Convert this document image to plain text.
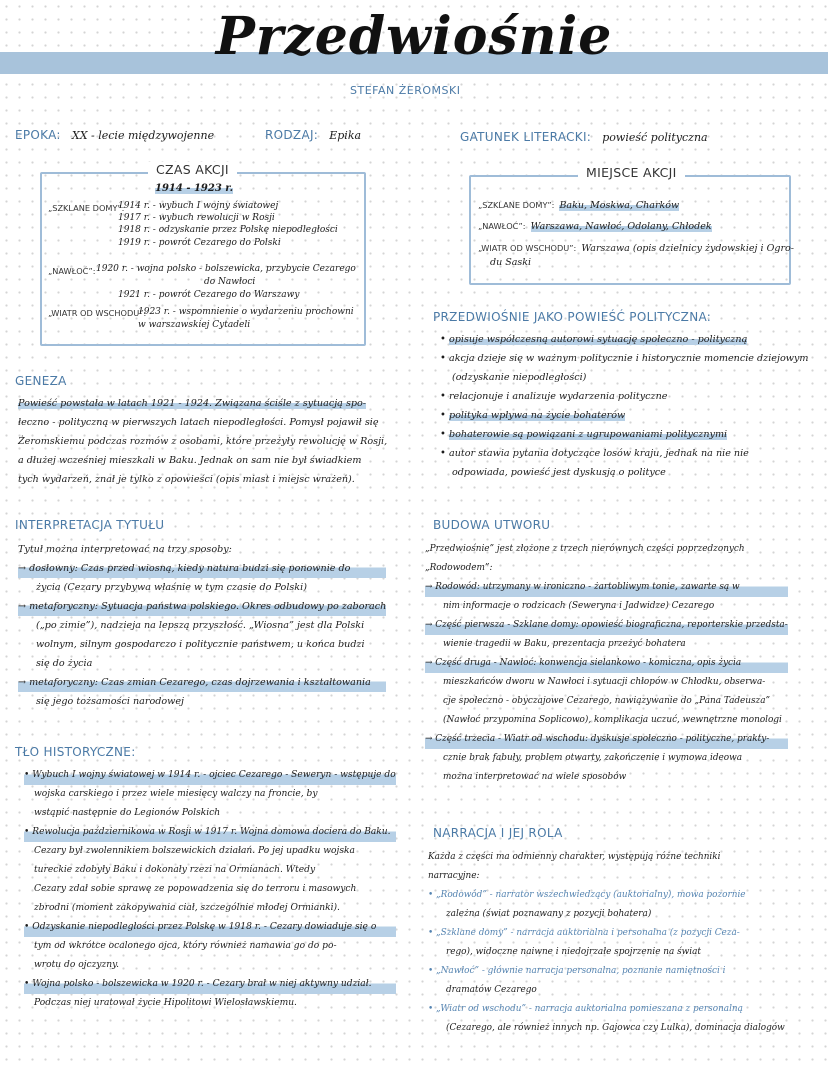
Przedwiośnie
STEFAN ŻEROMSKI
EPOKA: XX - lecie międzywojenne	RODZAJ: Epika	GATUNEK LITERACKI: powieść polityczna
CZAS AKCJI
1914 - 1923 r.
„SZKLANE DOMY”:
1914 r. - wybuch I wojny światowej
1917 r. - wybuch rewolucji w Rosji
1918 r. - odzyskanie przez Polskę niepodległości
1919 r. - powrót Cezarego do Polski
„NAWŁOĆ”: 1920 r. - wojna polsko - bolszewicka, przybycie Cezarego
do Nawłoci
1921 r. - powrót Cezarego do Warszawy
„WIATR OD WSCHODU”:
1923 r. - wspomnienie o wydarzeniu prochowni w warszawskiej Cytadeli
MIEJSCE AKCJI
„SZKLANE DOMY”: Baku, Moskwa, Charków
„NAWŁOĆ”: Warszawa, Nawłoć, Odolany, Chłodek
„WIATR OD WSCHODU”: Warszawa (opis dzielnicy żydowskiej i Ogro-
du Saski
PRZEDWIOŚNIE JAKO POWIEŚĆ POLITYCZNA:

• opisuje współczesną autorowi sytuację społeczno - polityczną

• akcja dzieje się w ważnym politycznie i historycznie momencie dziejowym

(odzyskanie niepodległości)

• relacjonuje i analizuje wydarzenia polityczne

• polityka wpływa na życie bohaterów

• bohaterowie są powiązani z ugrupowaniami politycznymi

• autor stawia pytania dotyczące losów kraju, jednak na nie nie

odpowiada, powieść jest dyskusją o polityce

GENEZA

Powieść powstała w latach 1921 - 1924. Związana ściśle z sytuacją spo-

łeczno - polityczną w pierwszych latach niepodległości. Pomysł pojawił się

Żeromskiemu podczas rozmów z osobami, które przeżyły rewolucję w Rosji,

a dłużej wcześniej mieszkali w Baku. Jednak on sam nie był świadkiem

tych wydarzeń, znał je tylko z opowieści (opis miast i miejsc wrażeń).

INTERPRETACJA TYTUŁU

Tytuł można interpretować na trzy sposoby:

→ dosłowny: Czas przed wiosną, kiedy natura budzi się ponownie do

życia (Cezary przybywa właśnie w tym czasie do Polski)

→ metaforyczny: Sytuacja państwa polskiego. Okres odbudowy po zaborach

(„po zimie”), nadzieja na lepszą przyszłość. „Wiosna” jest dla Polski

wolnym, silnym gospodarczo i politycznie państwem, u końca budzi

się do życia

→ metaforyczny: Czas zmian Cezarego, czas dojrzewania i kształtowania

się jego tożsamości narodowej

BUDOWA UTWORU

„Przedwiośnie” jest złożone z trzech nierównych części poprzedzonych

„Rodowodem”:

→ Rodowód: utrzymany w ironiczno - żartobliwym tonie, zawarte są w

nim informacje o rodzicach (Seweryna i Jadwidze) Cezarego

→ Część pierwsza - Szklane domy: opowieść biograficzna, reporterskie przedsta-

wienie tragedii w Baku, prezentacja przeżyć bohatera

→ Część druga - Nawłoć: konwencja sielankowo - komiczna, opis życia

mieszkańców dworu w Nawłoci i sytuacji chłopów w Chłodku, obserwa-

cje społeczno - obyczajowe Cezarego, nawiązywanie do „Pana Tadeusza”

(Nawłoć przypomina Soplicowo), komplikacja uczuć, wewnętrzne monologi

→ Część trzecia - Wiatr od wschodu: dyskusje społeczno - polityczne, prakty-

cznie brak fabuły, problem otwarty, zakończenie i wymowa ideowa

można interpretować na wiele sposobów

TŁO HISTORYCZNE:

• Wybuch I wojny światowej w 1914 r. - ojciec Cezarego - Seweryn - wstępuje do

wojska carskiego i przez wiele miesięcy walczy na froncie, by

wstąpić następnie do Legionów Polskich

• Rewolucja październikowa w Rosji w 1917 r. Wojna domowa dociera do Baku.

Cezary był zwolennikiem bolszewickich działań. Po jej upadku wojska

tureckie zdobyły Baku i dokonały rzezi na Ormianach. Wtedy

Cezary zdał sobie sprawę ze popowadzenia się do terroru i masowych

zbrodni (moment zakopywania ciał, szczególnie młodej Ormianki).

• Odzyskanie niepodległości przez Polskę w 1918 r. - Cezary dowiaduje się o

tym od wkrótce ocalonego ojca, który również namawia go do po-

wrotu do ojczyzny.

• Wojna polsko - bolszewicka w 1920 r. - Cezary brał w niej aktywny udział.

Podczas niej uratował życie Hipolitowi Wielosławskiemu.

NARRACJA I JEJ ROLA

Każda z części ma odmienny charakter, występują różne techniki

narracyjne:

• „Rodowód” - narrator wszechwiedzący (auktorialny), mowa pozornie

zależna (świat poznawany z pozycji bohatera)

• „Szklane domy” - narracja auktorialna i personalna (z pozycji Ceza-

rego), widoczne naiwne i niedojrzałe spojrzenie na świat

• „Nawłoć” - głównie narracja personalna, poznanie namiętności i

dramatów Cezarego

• „Wiatr od wschodu” - narracja auktorialna pomieszana z personalną

(Cezarego, ale również innych np. Gajowca czy Lulka), dominacja dialogów
